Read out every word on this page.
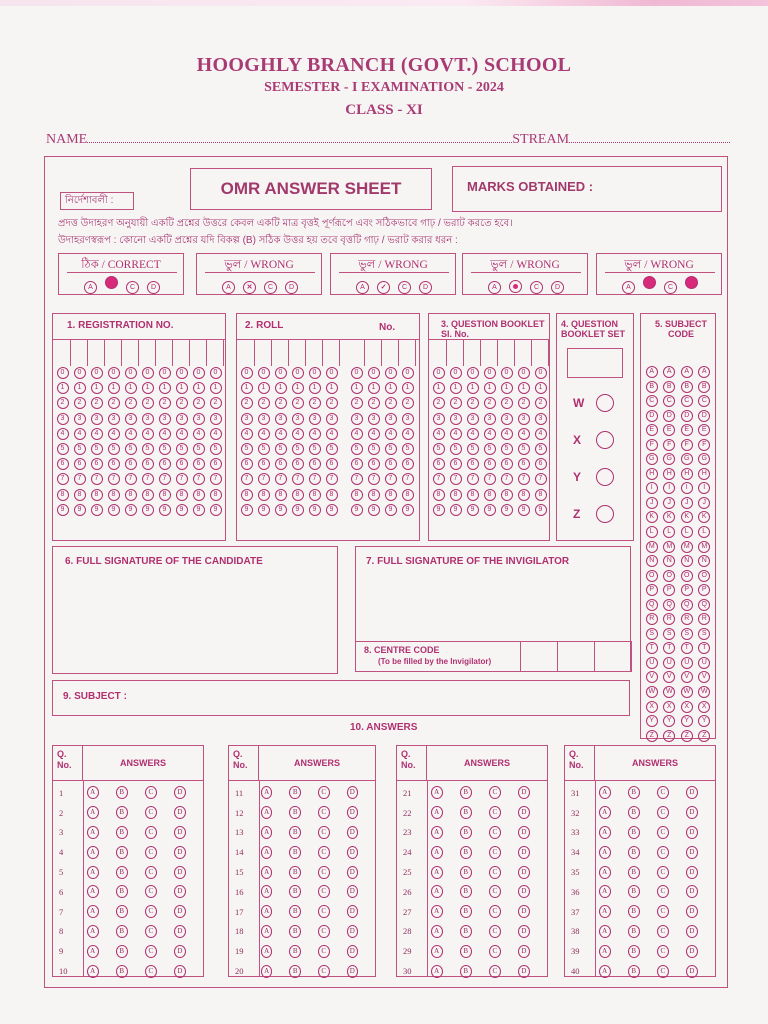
HOOGHLY BRANCH (GOVT.) SCHOOL
SEMESTER - I EXAMINATION - 2024
CLASS - XI
NAME	STREAM
OMR ANSWER SHEET	MARKS OBTAINED :
নির্দেশাবলী :
প্রদত্ত উদাহরণ অনুযায়ী একটি প্রশ্নের উত্তরে কেবল একটি মাত্র বৃত্তই পূর্ণরূপে এবং সঠিকভাবে গাঢ় / ভরাট করতে হবে।
উদাহরণস্বরূপ : কোনো একটি প্রশ্নের যদি বিকল্প (B) সঠিক উত্তর হয় তবে বৃত্তটি গাঢ় / ভরাট করার ধরন :
ঠিক / CORRECT
A	C D
ভুল / WRONG
A ✕ C D
ভুল / WRONG
A ✓ C D
ভুল / WRONG
A	C D
ভুল / WRONG
A	C
1. REGISTRATION NO.
0
1
2
3
4
5
6
7
8
9
0
1
2
3
4
5
6
7
8
9
0
1
2
3
4
5
6
7
8
9
0
1
2
3
4
5
6
7
8
9
0
1
2
3
4
5
6
7
8
9
0
1
2
3
4
5
6
7
8
9
0
1
2
3
4
5
6
7
8
9
0
1
2
3
4
5
6
7
8
9
0
1
2
3
4
5
6
7
8
9
0
1
2
3
4
5
6
7
8
9
2. ROLL	No.
0
1
2
3
4
5
6
7
8
9
0
1
2
3
4
5
6
7
8
9
0
1
2
3
4
5
6
7
8
9
0
1
2
3
4
5
6
7
8
9
0
1
2
3
4
5
6
7
8
9
0
1
2
3
4
5
6
7
8
9
0
1
2
3
4
5
6
7
8
9
0
1
2
3
4
5
6
7
8
9
0
1
2
3
4
5
6
7
8
9
0
1
2
3
4
5
6
7
8
9
3. QUESTION BOOKLET Sl. No.
0
1
2
3
4
5
6
7
8
9
0
1
2
3
4
5
6
7
8
9
0
1
2
3
4
5
6
7
8
9
0
1
2
3
4
5
6
7
8
9
0
1
2
3
4
5
6
7
8
9
0
1
2
3
4
5
6
7
8
9
0
1
2
3
4
5
6
7
8
9
4. QUESTION BOOKLET SET
W
X
Y
Z
5. SUBJECT CODE
A
B
C
D
E
F
G
H
I
J
K
L
M
N
O
P
Q
R
S
T
U
V
W
X
Y
Z
A
B
C
D
E
F
G
H
I
J
K
L
M
N
O
P
Q
R
S
T
U
V
W
X
Y
Z
A
B
C
D
E
F
G
H
I
J
K
L
M
N
O
P
Q
R
S
T
U
V
W
X
Y
Z
A
B
C
D
E
F
G
H
I
J
K
L
M
N
O
P
Q
R
S
T
U
V
W
X
Y
Z
6. FULL SIGNATURE OF THE CANDIDATE	7. FULL SIGNATURE OF THE INVIGILATOR
8. CENTRE CODE
(To be filled by the Invigilator)
9. SUBJECT :
10. ANSWERS
Q. No.	ANSWERS
1	A	B	C	D
2	A	B	C	D
3	A	B	C	D
4	A	B	C	D
5	A	B	C	D
6	A	B	C	D
7	A	B	C	D
8	A	B	C	D
9	A	B	C	D
10	A	B	C	D
Q. No.	ANSWERS
11	A	B	C	D
12	A	B	C	D
13	A	B	C	D
14	A	B	C	D
15	A	B	C	D
16	A	B	C	D
17	A	B	C	D
18	A	B	C	D
19	A	B	C	D
20	A	B	C	D
Q. No.	ANSWERS
21	A	B	C	D
22	A	B	C	D
23	A	B	C	D
24	A	B	C	D
25	A	B	C	D
26	A	B	C	D
27	A	B	C	D
28	A	B	C	D
29	A	B	C	D
30	A	B	C	D
Q. No.	ANSWERS
31	A	B	C	D
32	A	B	C	D
33	A	B	C	D
34	A	B	C	D
35	A	B	C	D
36	A	B	C	D
37	A	B	C	D
38	A	B	C	D
39	A	B	C	D
40	A	B	C	D
